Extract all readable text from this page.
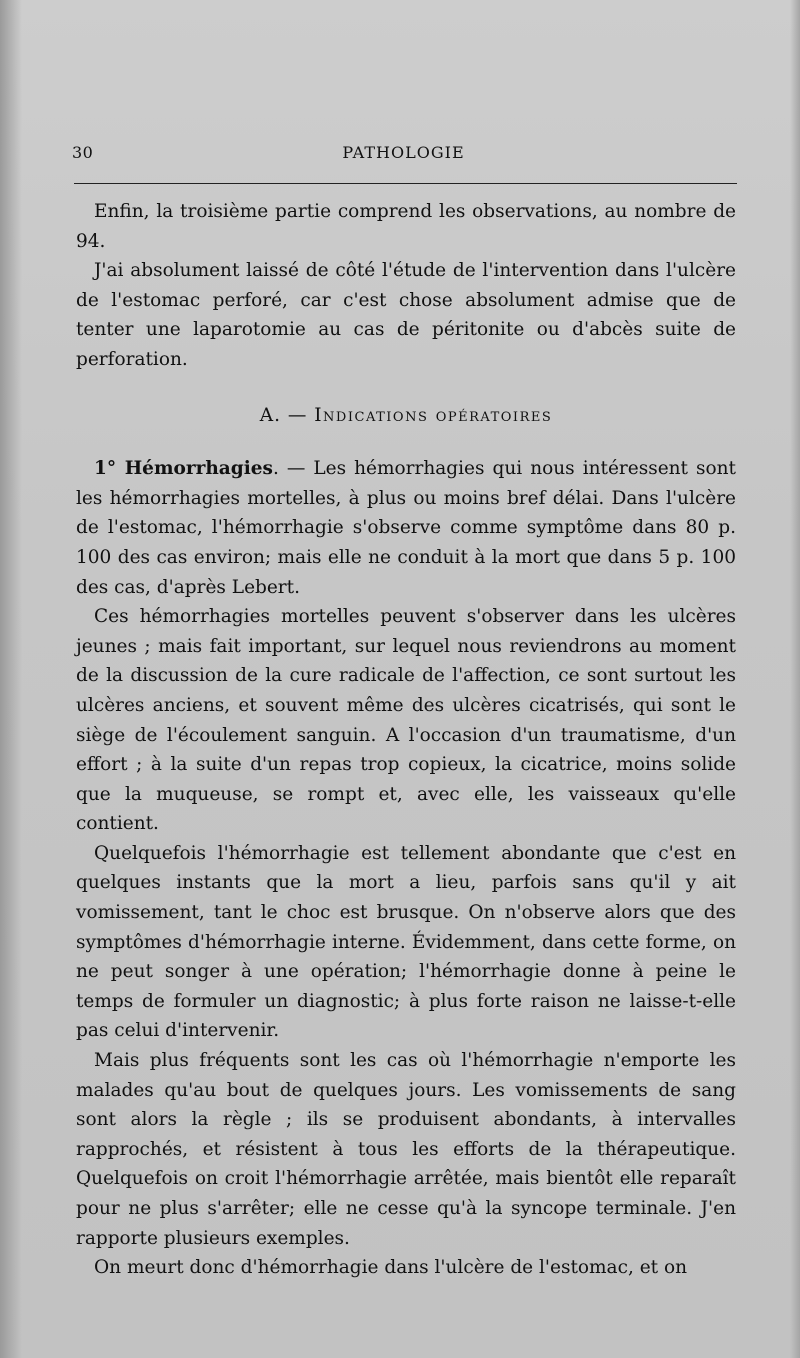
30	PATHOLOGIE

Enfin, la troisième partie comprend les observations, au nombre de 94.

J'ai absolument laissé de côté l'étude de l'intervention dans l'ulcère de l'estomac perforé, car c'est chose absolument admise que de tenter une laparotomie au cas de péritonite ou d'abcès suite de perforation.

A. — Indications opératoires

1° Hémorrhagies. — Les hémorrhagies qui nous intéressent sont les hémorrhagies mortelles, à plus ou moins bref délai. Dans l'ulcère de l'estomac, l'hémorrhagie s'observe comme symptôme dans 80 p. 100 des cas environ; mais elle ne conduit à la mort que dans 5 p. 100 des cas, d'après Lebert.

Ces hémorrhagies mortelles peuvent s'observer dans les ulcères jeunes ; mais fait important, sur lequel nous reviendrons au moment de la discussion de la cure radicale de l'affection, ce sont surtout les ulcères anciens, et souvent même des ulcères cicatrisés, qui sont le siège de l'écoulement sanguin. A l'occasion d'un traumatisme, d'un effort ; à la suite d'un repas trop copieux, la cicatrice, moins solide que la muqueuse, se rompt et, avec elle, les vaisseaux qu'elle contient.

Quelquefois l'hémorrhagie est tellement abondante que c'est en quelques instants que la mort a lieu, parfois sans qu'il y ait vomissement, tant le choc est brusque. On n'observe alors que des symptômes d'hémorrhagie interne. Évidemment, dans cette forme, on ne peut songer à une opération; l'hémorrhagie donne à peine le temps de formuler un diagnostic; à plus forte raison ne laisse-t-elle pas celui d'intervenir.

Mais plus fréquents sont les cas où l'hémorrhagie n'emporte les malades qu'au bout de quelques jours. Les vomissements de sang sont alors la règle ; ils se produisent abondants, à intervalles rapprochés, et résistent à tous les efforts de la thérapeutique. Quelquefois on croit l'hémorrhagie arrêtée, mais bientôt elle reparaît pour ne plus s'arrêter; elle ne cesse qu'à la syncope terminale. J'en rapporte plusieurs exemples.

On meurt donc d'hémorrhagie dans l'ulcère de l'estomac, et on
